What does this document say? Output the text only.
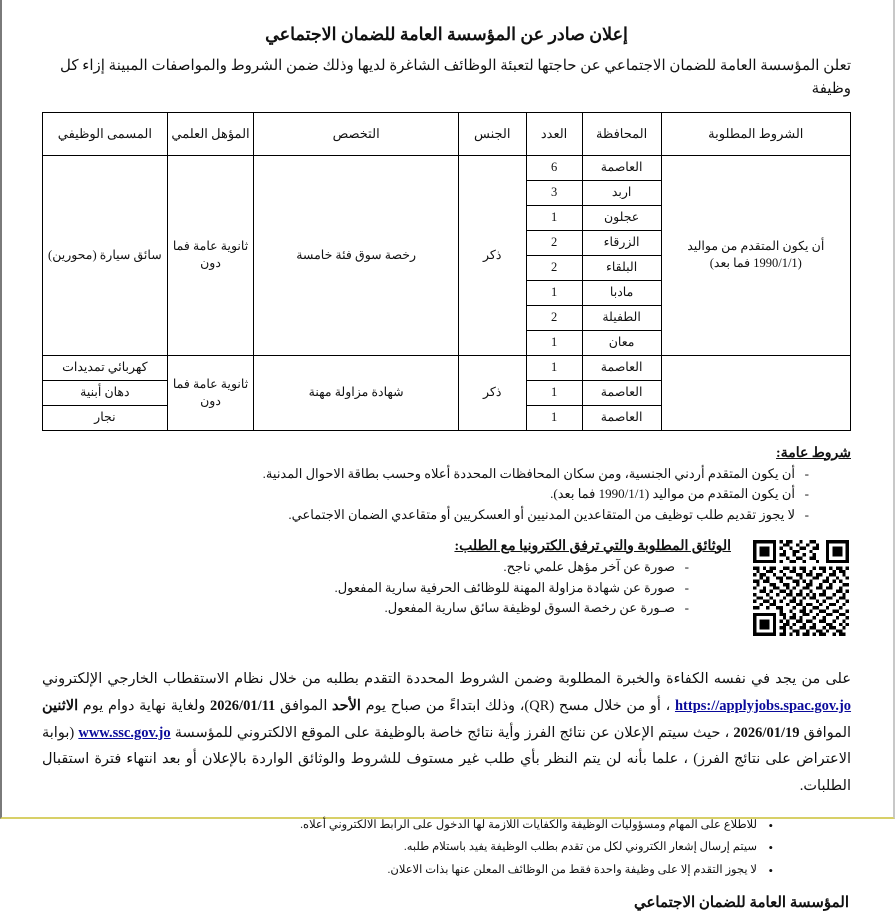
إعلان صادر عن المؤسسة العامة للضمان الاجتماعي
تعلن المؤسسة العامة للضمان الاجتماعي عن حاجتها لتعبئة الوظائف الشاغرة لديها وذلك ضمن الشروط والمواصفات المبينة إزاء كل وظيفة
الشروط المطلوبة	المحافظة	العدد	الجنس	التخصص	المؤهل العلمي	المسمى الوظيفي
أن يكون المتقدم من مواليد (1990/1/1 فما بعد)	العاصمة	6	ذكر	رخصة سوق فئة خامسة	ثانوية عامة فما دون	سائق سيارة (محورين)
	اربد	3				
	عجلون	1				
	الزرقاء	2				
	البلقاء	2				
	مادبا	1				
	الطفيلة	2				
	معان	1				
	العاصمة	1	ذكر	شهادة مزاولة مهنة	ثانوية عامة فما دون	كهربائي تمديدات
	العاصمة	1				دهان أبنية
	العاصمة	1				نجار
شروط عامة:
- أن يكون المتقدم أردني الجنسية، ومن سكان المحافظات المحددة أعلاه وحسب بطاقة الاحوال المدنية.
- أن يكون المتقدم من مواليد (1990/1/1 فما بعد).
- لا يجوز تقديم طلب توظيف من المتقاعدين المدنيين أو العسكريين أو متقاعدي الضمان الاجتماعي.
الوثائق المطلوبة والتي ترفق الكترونيا مع الطلب:
- صورة عن آخر مؤهل علمي ناجح.
- صورة عن شهادة مزاولة المهنة للوظائف الحرفية سارية المفعول.
- صـورة عن رخصة السوق لوظيفة سائق سارية المفعول.
على من يجد في نفسه الكفاءة والخبرة المطلوبة وضمن الشروط المحددة التقدم بطلبه من خلال نظام الاستقطاب الخارجي الإلكتروني https://applyjobs.spac.gov.jo ، أو من خلال مسح (QR)، وذلك ابتداءً من صباح يوم الأحد الموافق 2026/01/11 ولغاية نهاية دوام يوم الاثنين الموافق 2026/01/19 ، حيث سيتم الإعلان عن نتائج الفرز وأية نتائج خاصة بالوظيفة على الموقع الالكتروني للمؤسسة www.ssc.gov.jo (بوابة الاعتراض على نتائج الفرز) ، علما بأنه لن يتم النظر بأي طلب غير مستوف للشروط والوثائق الواردة بالإعلان أو بعد انتهاء فترة استقبال الطلبات.
• للاطلاع على المهام ومسؤوليات الوظيفة والكفايات اللازمة لها الدخول على الرابط الالكتروني أعلاه.
• سيتم إرسال إشعار الكتروني لكل من تقدم بطلب الوظيفة يفيد باستلام طلبه.
• لا يجوز التقدم إلا على وظيفة واحدة فقط من الوظائف المعلن عنها بذات الاعلان.
المؤسسة العامة للضمان الاجتماعي
